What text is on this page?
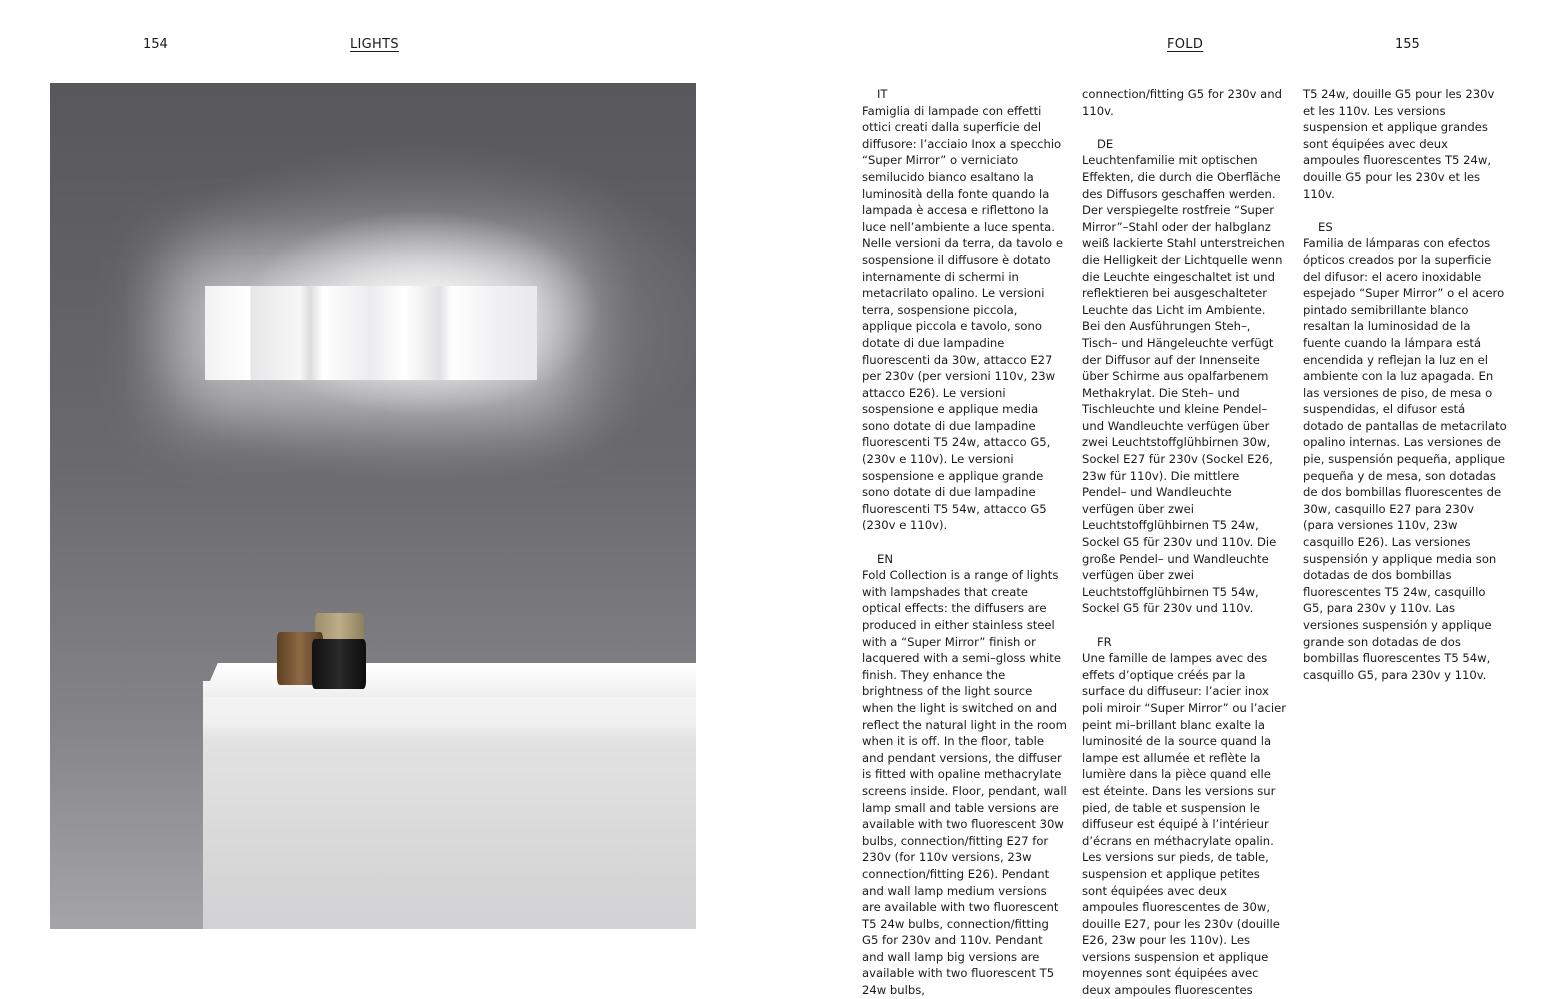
154	LIGHTS	FOLD	155

IT

Famiglia di lampade con effetti ottici creati dalla superficie del diffusore: l’acciaio Inox a specchio “Super Mirror” o verniciato semilucido bianco esaltano la luminosità della fonte quando la lampada è accesa e riflettono la luce nell’ambiente a luce spenta. Nelle versioni da terra, da tavolo e sospensione il diffusore è dotato internamente di schermi in metacrilato opalino. Le versioni terra, sospensione piccola, applique piccola e tavolo, sono dotate di due lampadine fluorescenti da 30w, attacco E27 per 230v (per versioni 110v, 23w attacco E26). Le versioni sospensione e applique media sono dotate di due lampadine fluorescenti T5 24w, attacco G5, (230v e 110v). Le versioni sospensione e applique grande sono dotate di due lampadine fluorescenti T5 54w, attacco G5 (230v e 110v).

EN

Fold Collection is a range of lights with lampshades that create optical effects: the diffusers are produced in either stainless steel with a “Super Mirror” finish or lacquered with a semi–gloss white finish. They enhance the brightness of the light source when the light is switched on and reflect the natural light in the room when it is off. In the floor, table and pendant versions, the diffuser is fitted with opaline methacrylate screens inside. Floor, pendant, wall lamp small and table versions are available with two fluorescent 30w bulbs, connection/fitting E27 for 230v (for 110v versions, 23w connection/fitting E26). Pendant and wall lamp medium versions are available with two fluorescent T5 24w bulbs, connection/fitting G5 for 230v and 110v. Pendant and wall lamp big versions are available with two fluorescent T5 24w bulbs,

connection/fitting G5 for 230v and 110v.

DE

Leuchtenfamilie mit optischen Effekten, die durch die Oberfläche des Diffusors geschaffen werden. Der verspiegelte rostfreie “Super Mirror”–Stahl oder der halbglanz weiß lackierte Stahl unterstreichen die Helligkeit der Lichtquelle wenn die Leuchte eingeschaltet ist und reflektieren bei ausgeschalteter Leuchte das Licht im Ambiente. Bei den Ausführungen Steh–, Tisch– und Hängeleuchte verfügt der Diffusor auf der Innenseite über Schirme aus opalfarbenem Methakrylat. Die Steh– und Tischleuchte und kleine Pendel– und Wandleuchte verfügen über zwei Leuchtstoffglühbirnen 30w, Sockel E27 für 230v (Sockel E26, 23w für 110v). Die mittlere Pendel– und Wandleuchte verfügen über zwei Leuchtstoffglühbirnen T5 24w, Sockel G5 für 230v und 110v. Die große Pendel– und Wandleuchte verfügen über zwei Leuchtstoffglühbirnen T5 54w, Sockel G5 für 230v und 110v.

FR

Une famille de lampes avec des effets d’optique créés par la surface du diffuseur: l’acier inox poli miroir “Super Mirror” ou l’acier peint mi–brillant blanc exalte la luminosité de la source quand la lampe est allumée et reflète la lumière dans la pièce quand elle est éteinte. Dans les versions sur pied, de table et suspension le diffuseur est équipé à l’intérieur d’écrans en méthacrylate opalin. Les versions sur pieds, de table, suspension et applique petites sont équipées avec deux ampoules fluorescentes de 30w, douille E27, pour les 230v (douille E26, 23w pour les 110v). Les versions suspension et applique moyennes sont équipées avec deux ampoules fluorescentes

T5 24w, douille G5 pour les 230v et les 110v. Les versions suspension et applique grandes sont équipées avec deux ampoules fluorescentes T5 24w, douille G5 pour les 230v et les 110v.

ES

Familia de lámparas con efectos ópticos creados por la superficie del difusor: el acero inoxidable espejado “Super Mirror” o el acero pintado semibrillante blanco resaltan la luminosidad de la fuente cuando la lámpara está encendida y reflejan la luz en el ambiente con la luz apagada. En las versiones de piso, de mesa o suspendidas, el difusor está dotado de pantallas de metacrilato opalino internas. Las versiones de pie, suspensión pequeña, applique pequeña y de mesa, son dotadas de dos bombillas fluorescentes de 30w, casquillo E27 para 230v (para versiones 110v, 23w casquillo E26). Las versiones suspensión y applique media son dotadas de dos bombillas fluorescentes T5 24w, casquillo G5, para 230v y 110v. Las versiones suspensión y applique grande son dotadas de dos bombillas fluorescentes T5 54w, casquillo G5, para 230v y 110v.
